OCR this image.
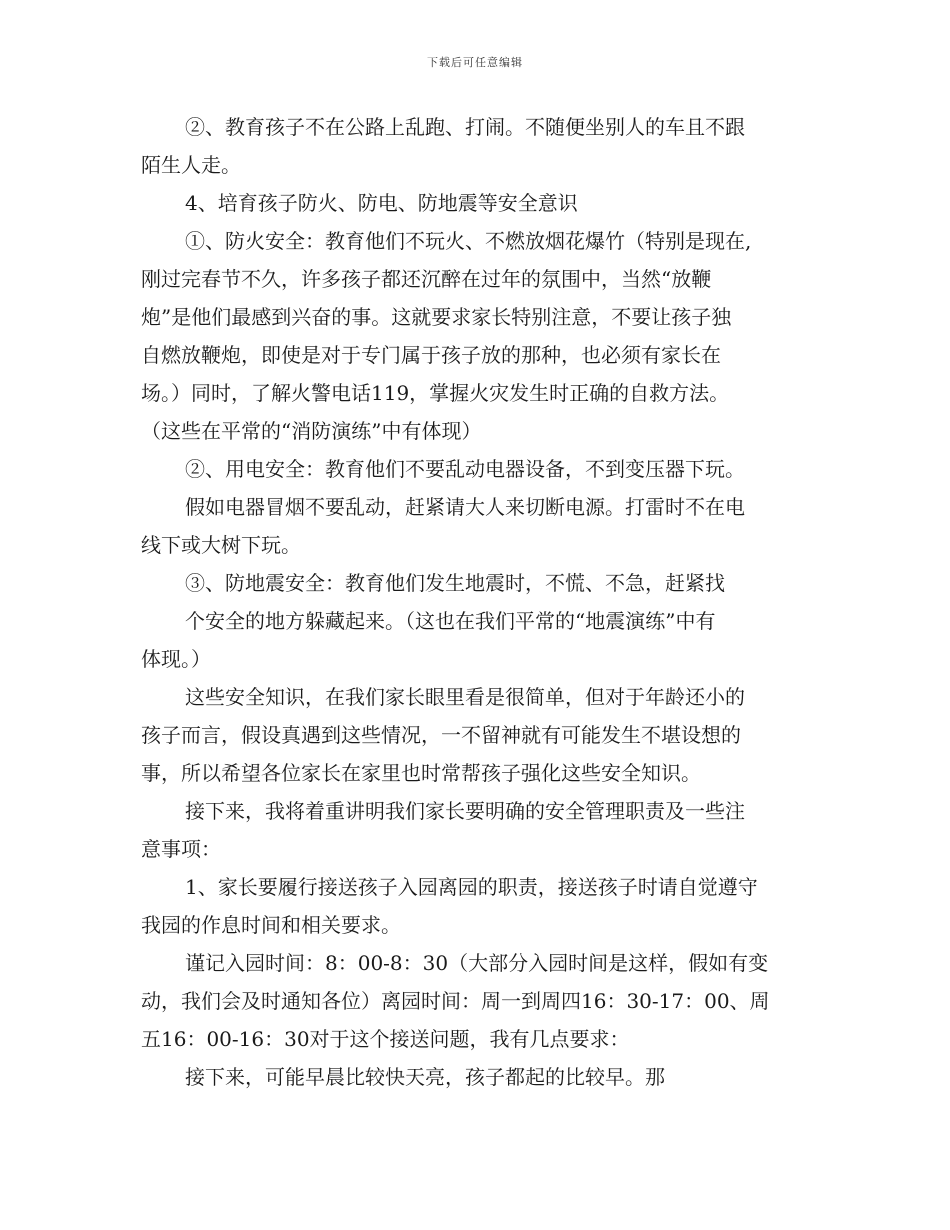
下载后可任意编辑
②、教育孩子不在公路上乱跑、打闹。不随便坐别人的车且不跟
陌生人走。
4、培育孩子防火、防电、防地震等安全意识
①、防火安全：教育他们不玩火、不燃放烟花爆竹（特别是现在,
刚过完春节不久，许多孩子都还沉醉在过年的氛围中，当然“放鞭
炮”是他们最感到兴奋的事。这就要求家长特别注意，不要让孩子独
自燃放鞭炮，即使是对于专门属于孩子放的那种，也必须有家长在
场。）同时，了解火警电话119，掌握火灾发生时正确的自救方法。
（这些在平常的“消防演练”中有体现）
②、用电安全：教育他们不要乱动电器设备，不到变压器下玩。
假如电器冒烟不要乱动，赶紧请大人来切断电源。打雷时不在电
线下或大树下玩。
③、防地震安全：教育他们发生地震时，不慌、不急，赶紧找
个安全的地方躲藏起来。（这也在我们平常的“地震演练”中有
体现。）
这些安全知识，在我们家长眼里看是很简单，但对于年龄还小的
孩子而言，假设真遇到这些情况，一不留神就有可能发生不堪设想的
事，所以希望各位家长在家里也时常帮孩子强化这些安全知识。
接下来，我将着重讲明我们家长要明确的安全管理职责及一些注
意事项：
1、家长要履行接送孩子入园离园的职责，接送孩子时请自觉遵守
我园的作息时间和相关要求。
谨记入园时间：8：00-8：30（大部分入园时间是这样，假如有变
动，我们会及时通知各位）离园时间：周一到周四16：30-17：00、周
五16：00-16：30对于这个接送问题，我有几点要求：
接下来，可能早晨比较快天亮，孩子都起的比较早。那
